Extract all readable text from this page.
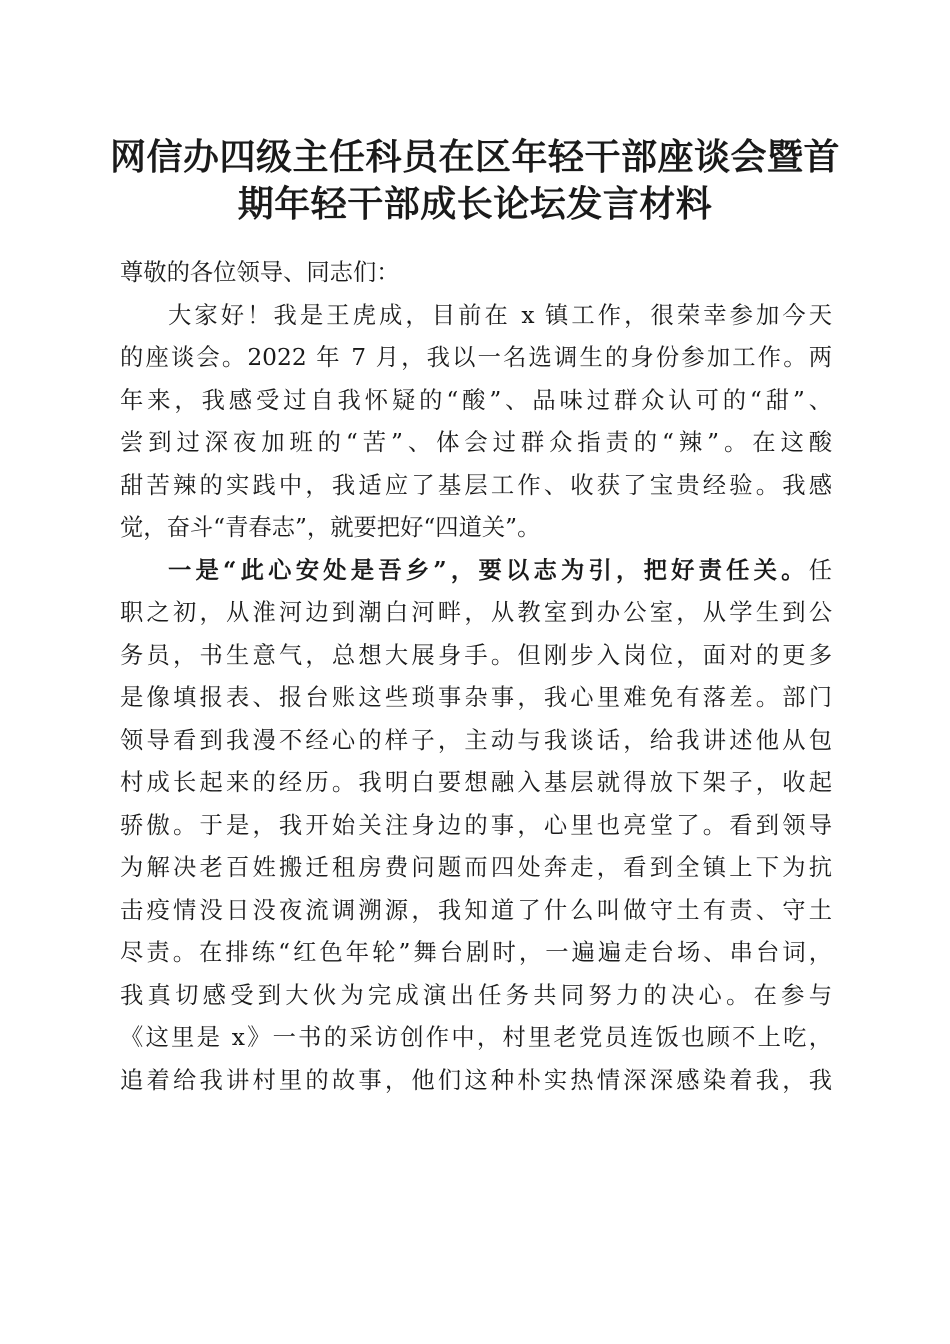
网信办四级主任科员在区年轻干部座谈会暨首
期年轻干部成长论坛发言材料
尊敬的各位领导、同志们：
大家好！我是王虎成，目前在 x 镇工作，很荣幸参加今天
的座谈会。2022 年 7 月，我以一名选调生的身份参加工作。两
年来，我感受过自我怀疑的“酸”、品味过群众认可的“甜”、
尝到过深夜加班的“苦”、体会过群众指责的“辣”。在这酸
甜苦辣的实践中，我适应了基层工作、收获了宝贵经验。我感
觉，奋斗“青春志”，就要把好“四道关”。
一是“此心安处是吾乡”，要以志为引，把好责任关。任
职之初，从淮河边到潮白河畔，从教室到办公室，从学生到公
务员，书生意气，总想大展身手。但刚步入岗位，面对的更多
是像填报表、报台账这些琐事杂事，我心里难免有落差。部门
领导看到我漫不经心的样子，主动与我谈话，给我讲述他从包
村成长起来的经历。我明白要想融入基层就得放下架子，收起
骄傲。于是，我开始关注身边的事，心里也亮堂了。看到领导
为解决老百姓搬迁租房费问题而四处奔走，看到全镇上下为抗
击疫情没日没夜流调溯源，我知道了什么叫做守土有责、守土
尽责。在排练“红色年轮”舞台剧时，一遍遍走台场、串台词，
我真切感受到大伙为完成演出任务共同努力的决心。在参与
《这里是 x》一书的采访创作中，村里老党员连饭也顾不上吃，
追着给我讲村里的故事，他们这种朴实热情深深感染着我，我
